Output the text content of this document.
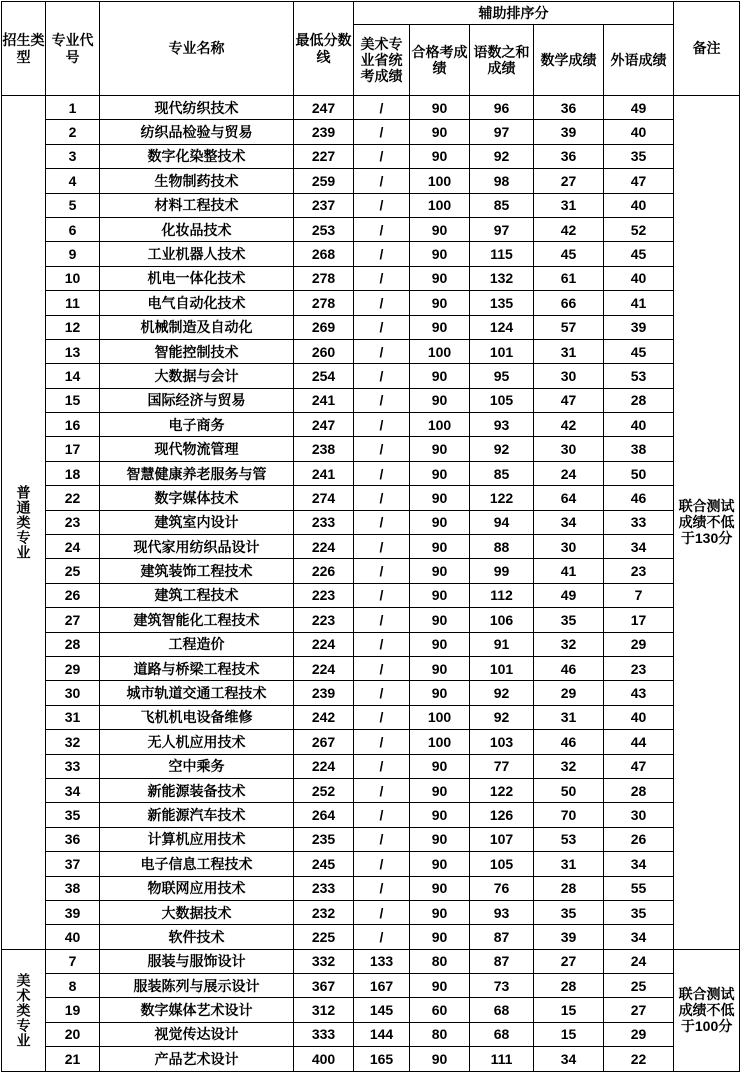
招生类型	专业代号	专业名称	最低分数线	辅助排序分					备注
				美术专业省统考成绩	合格考成绩	语数之和成绩	数学成绩	外语成绩	
普通类专业	1	现代纺织技术	247	/	90	96	36	49	联合测试成绩不低于130分
	2	纺织品检验与贸易	239	/	90	97	39	40	
	3	数字化染整技术	227	/	90	92	36	35	
	4	生物制药技术	259	/	100	98	27	47	
	5	材料工程技术	237	/	100	85	31	40	
	6	化妆品技术	253	/	90	97	42	52	
	9	工业机器人技术	268	/	90	115	45	45	
	10	机电一体化技术	278	/	90	132	61	40	
	11	电气自动化技术	278	/	90	135	66	41	
	12	机械制造及自动化	269	/	90	124	57	39	
	13	智能控制技术	260	/	100	101	31	45	
	14	大数据与会计	254	/	90	95	30	53	
	15	国际经济与贸易	241	/	90	105	47	28	
	16	电子商务	247	/	100	93	42	40	
	17	现代物流管理	238	/	90	92	30	38	
	18	智慧健康养老服务与管	241	/	90	85	24	50	
	22	数字媒体技术	274	/	90	122	64	46	
	23	建筑室内设计	233	/	90	94	34	33	
	24	现代家用纺织品设计	224	/	90	88	30	34	
	25	建筑装饰工程技术	226	/	90	99	41	23	
	26	建筑工程技术	223	/	90	112	49	7	
	27	建筑智能化工程技术	223	/	90	106	35	17	
	28	工程造价	224	/	90	91	32	29	
	29	道路与桥梁工程技术	224	/	90	101	46	23	
	30	城市轨道交通工程技术	239	/	90	92	29	43	
	31	飞机机电设备维修	242	/	100	92	31	40	
	32	无人机应用技术	267	/	100	103	46	44	
	33	空中乘务	224	/	90	77	32	47	
	34	新能源装备技术	252	/	90	122	50	28	
	35	新能源汽车技术	264	/	90	126	70	30	
	36	计算机应用技术	235	/	90	107	53	26	
	37	电子信息工程技术	245	/	90	105	31	34	
	38	物联网应用技术	233	/	90	76	28	55	
	39	大数据技术	232	/	90	93	35	35	
	40	软件技术	225	/	90	87	39	34	
美术类专业	7	服装与服饰设计	332	133	80	87	27	24	联合测试成绩不低于100分
	8	服装陈列与展示设计	367	167	90	73	28	25	
	19	数字媒体艺术设计	312	145	60	68	15	27	
	20	视觉传达设计	333	144	80	68	15	29	
	21	产品艺术设计	400	165	90	111	34	22	
